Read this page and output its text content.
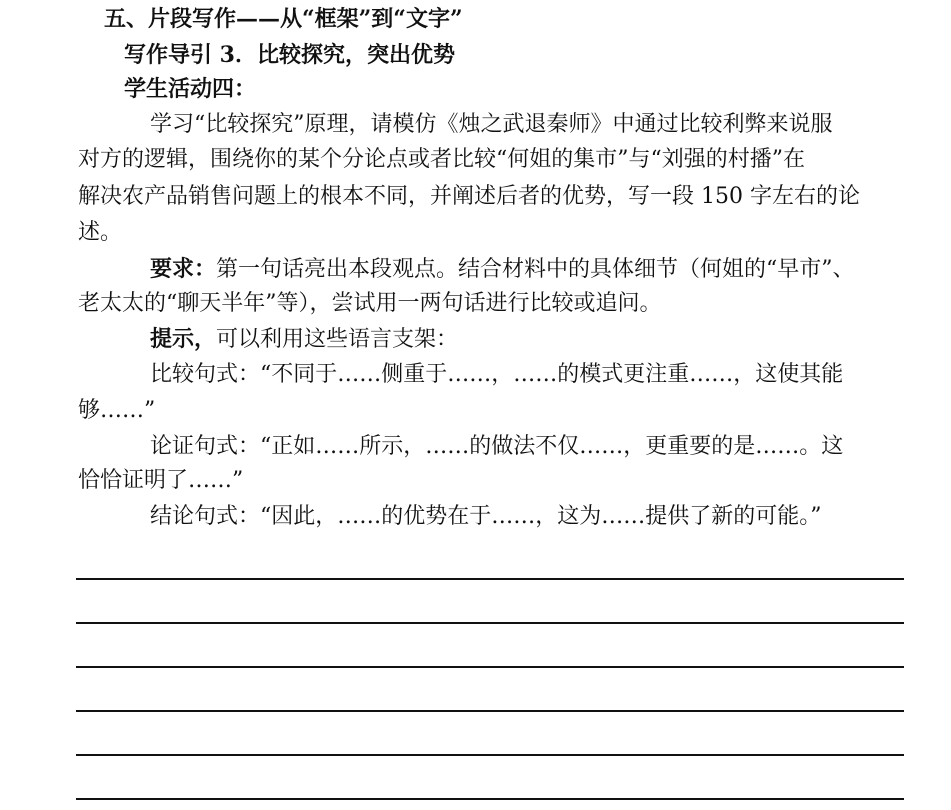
五、片段写作——从“框架”到“文字”
写作导引 3．比较探究，突出优势
学生活动四：
学习“比较探究”原理，请模仿《烛之武退秦师》中通过比较利弊来说服
对方的逻辑，围绕你的某个分论点或者比较“何姐的集市”与“刘强的村播”在
解决农产品销售问题上的根本不同，并阐述后者的优势，写一段 150 字左右的论
述。
要求：第一句话亮出本段观点。结合材料中的具体细节（何姐的“早市”、
老太太的“聊天半年”等），尝试用一两句话进行比较或追问。
提示，可以利用这些语言支架：
比较句式：“不同于……侧重于……，……的模式更注重……，这使其能
够……”
论证句式：“正如……所示，……的做法不仅……，更重要的是……。这
恰恰证明了……”
结论句式：“因此，……的优势在于……，这为……提供了新的可能。”
